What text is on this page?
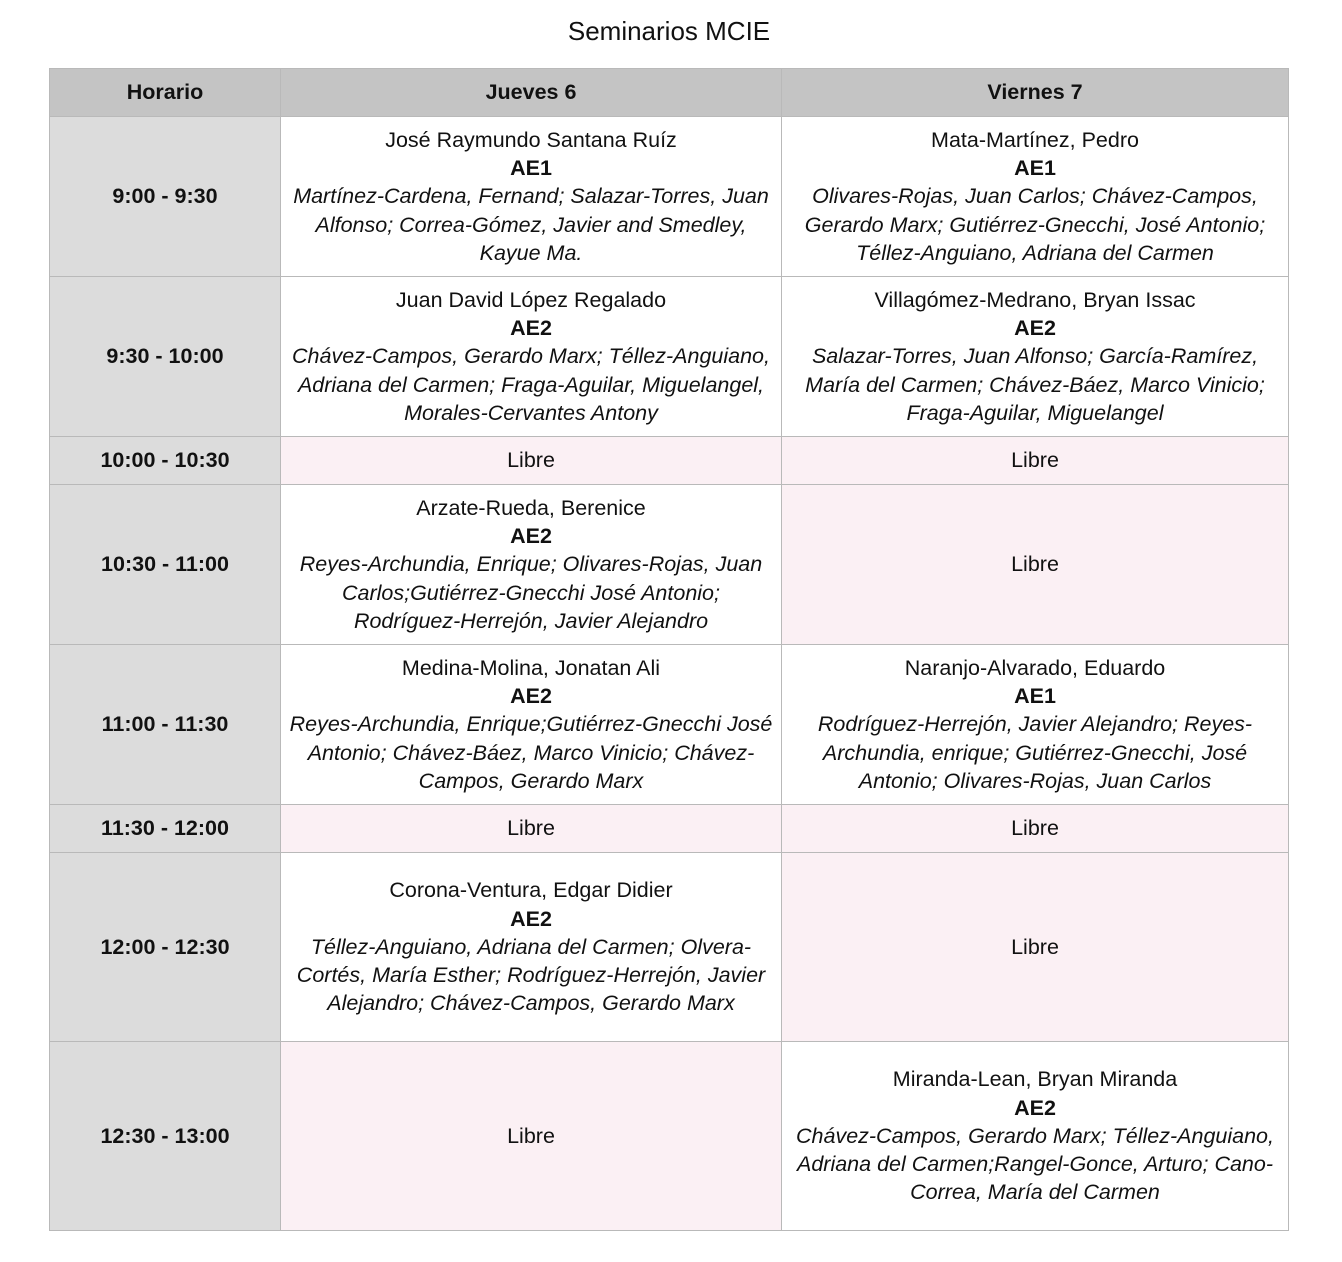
Seminarios MCIE
Horario	Jueves 6	Viernes 7
9:00 - 9:30	José Raymundo Santana Ruíz
AE1
Martínez-Cardena, Fernand; Salazar-Torres, Juan Alfonso; Correa-Gómez, Javier and Smedley, Kayue Ma.	Mata-Martínez, Pedro
AE1
Olivares-Rojas, Juan Carlos; Chávez-Campos, Gerardo Marx; Gutiérrez-Gnecchi, José Antonio; Téllez-Anguiano, Adriana del Carmen

9:30 - 10:00	Juan David López Regalado
AE2
Chávez-Campos, Gerardo Marx; Téllez-Anguiano, Adriana del Carmen; Fraga-Aguilar, Miguelangel, Morales-Cervantes Antony	Villagómez-Medrano, Bryan Issac
AE2
Salazar-Torres, Juan Alfonso; García-Ramírez, María del Carmen; Chávez-Báez, Marco Vinicio; Fraga-Aguilar, Miguelangel

10:00 - 10:30	Libre	Libre
10:30 - 11:00	Arzate-Rueda, Berenice
AE2
Reyes-Archundia, Enrique; Olivares-Rojas, Juan Carlos;Gutiérrez-Gnecchi José Antonio; Rodríguez-Herrejón, Javier Alejandro	Libre
11:00 - 11:30	Medina-Molina, Jonatan Ali
AE2
Reyes-Archundia, Enrique;Gutiérrez-Gnecchi José Antonio; Chávez-Báez, Marco Vinicio; Chávez-Campos, Gerardo Marx	Naranjo-Alvarado, Eduardo
AE1
Rodríguez-Herrejón, Javier Alejandro; Reyes-Archundia, enrique; Gutiérrez-Gnecchi, José Antonio; Olivares-Rojas, Juan Carlos

11:30 - 12:00	Libre	Libre
12:00 - 12:30	Corona-Ventura, Edgar Didier
AE2
Téllez-Anguiano, Adriana del Carmen; Olvera-Cortés, María Esther; Rodríguez-Herrejón, Javier Alejandro; Chávez-Campos, Gerardo Marx	Libre
12:30 - 13:00	Libre	Miranda-Lean, Bryan Miranda
AE2
Chávez-Campos, Gerardo Marx; Téllez-Anguiano, Adriana del Carmen;Rangel-Gonce, Arturo; Cano-Correa, María del Carmen
